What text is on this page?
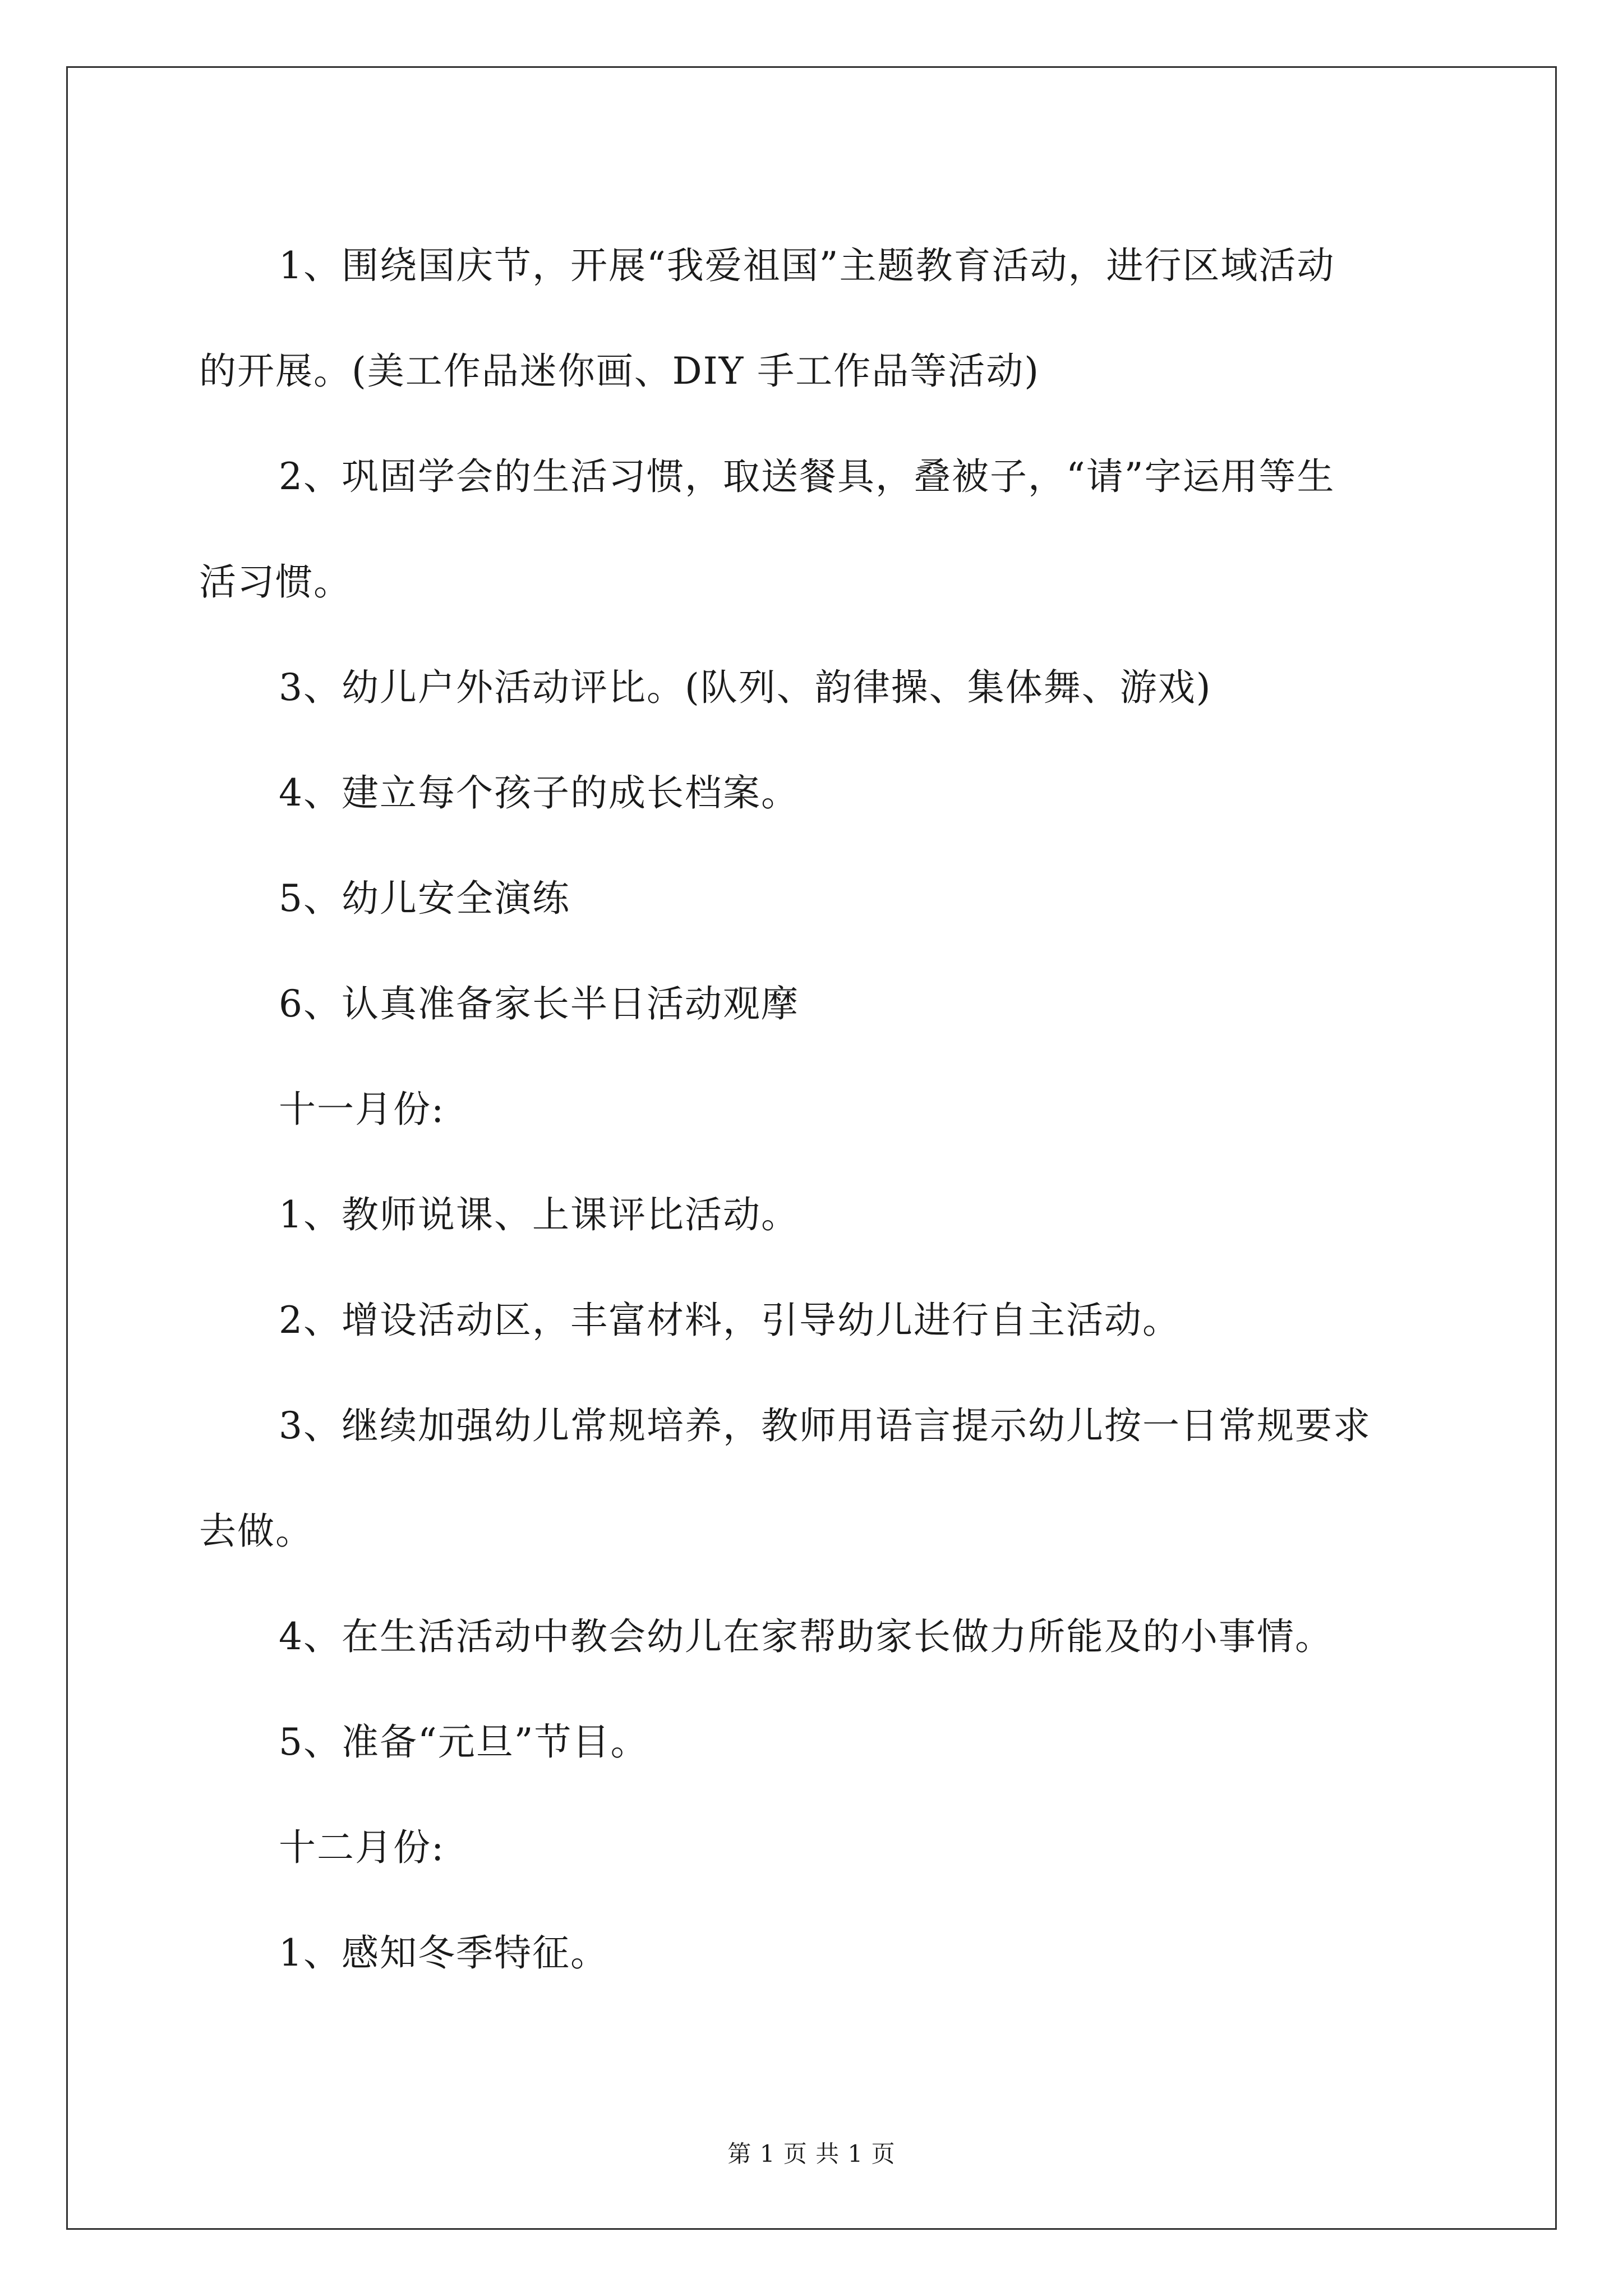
1、围绕国庆节，开展“我爱祖国”主题教育活动，进行区域活动

的开展。(美工作品迷你画、DIY 手工作品等活动)

2、巩固学会的生活习惯，取送餐具，叠被子，“请”字运用等生

活习惯。

3、幼儿户外活动评比。(队列、韵律操、集体舞、游戏)

4、建立每个孩子的成长档案。

5、幼儿安全演练

6、认真准备家长半日活动观摩

十一月份:

1、教师说课、上课评比活动。

2、增设活动区，丰富材料，引导幼儿进行自主活动。

3、继续加强幼儿常规培养，教师用语言提示幼儿按一日常规要求

去做。

4、在生活活动中教会幼儿在家帮助家长做力所能及的小事情。

5、准备“元旦”节目。

十二月份:

1、感知冬季特征。

第 1 页 共 1 页
